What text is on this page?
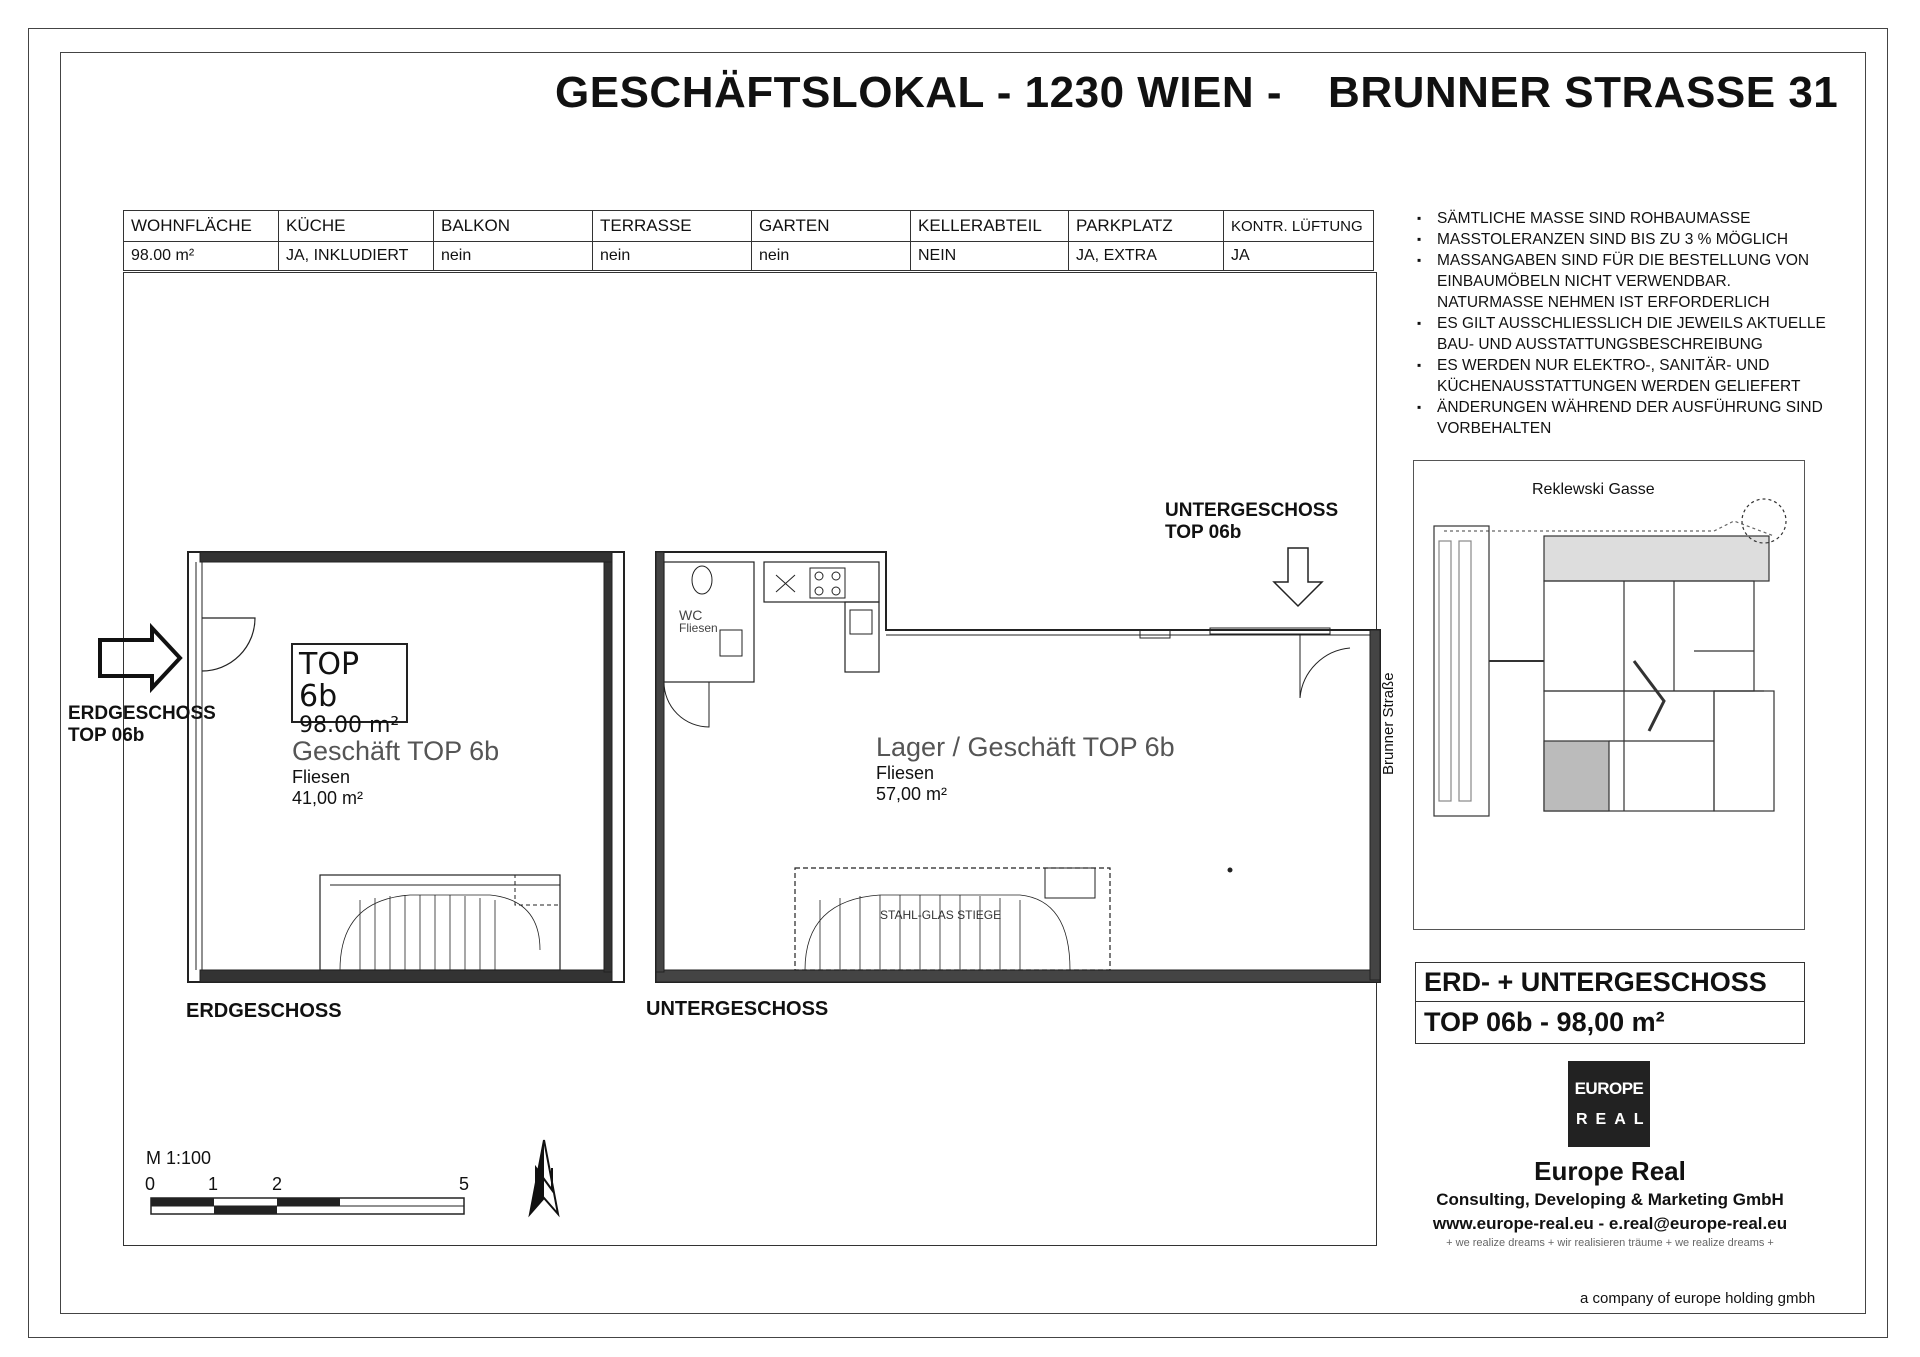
GESCHÄFTSLOKAL - 1230 WIEN - BRUNNER STRASSE 31
WOHNFLÄCHE	KÜCHE	BALKON	TERRASSE	GARTEN	KELLERABTEIL	PARKPLATZ	KONTR. LÜFTUNG
98.00 m²	JA, INKLUDIERT	nein	nein	nein	NEIN	JA, EXTRA	JA
▪ SÄMTLICHE MASSE SIND ROHBAUMASSE
▪ MASSTOLERANZEN SIND BIS ZU 3 % MÖGLICH
▪ MASSANGABEN SIND FÜR DIE BESTELLUNG VON EINBAUMÖBELN NICHT VERWENDBAR. NATURMASSE NEHMEN IST ERFORDERLICH
▪ ES GILT AUSSCHLIESSLICH DIE JEWEILS AKTUELLE BAU- UND AUSSTATTUNGSBESCHREIBUNG
▪ ES WERDEN NUR ELEKTRO-, SANITÄR- UND KÜCHENAUSSTATTUNGEN WERDEN GELIEFERT
▪ ÄNDERUNGEN WÄHREND DER AUSFÜHRUNG SIND VORBEHALTEN
Reklewski Gasse
ERDGESCHOSS
TOP 06b
UNTERGESCHOSS
TOP 06b
TOP 6b
98.00 m²
Geschäft TOP 6b
Fliesen
41,00 m²
Lager / Geschäft TOP 6b
Fliesen
57,00 m²
WC
Fliesen
STAHL-GLAS STIEGE
Brunner Straße
ERDGESCHOSS	UNTERGESCHOSS
M 1:100
0	1	2	5
ERD- + UNTERGESCHOSS
TOP 06b - 98,00 m²
EUROPE
REAL
Europe Real
Consulting, Developing & Marketing GmbH
www.europe-real.eu - e.real@europe-real.eu
+ we realize dreams + wir realisieren träume + we realize dreams +
a company of europe holding gmbh
